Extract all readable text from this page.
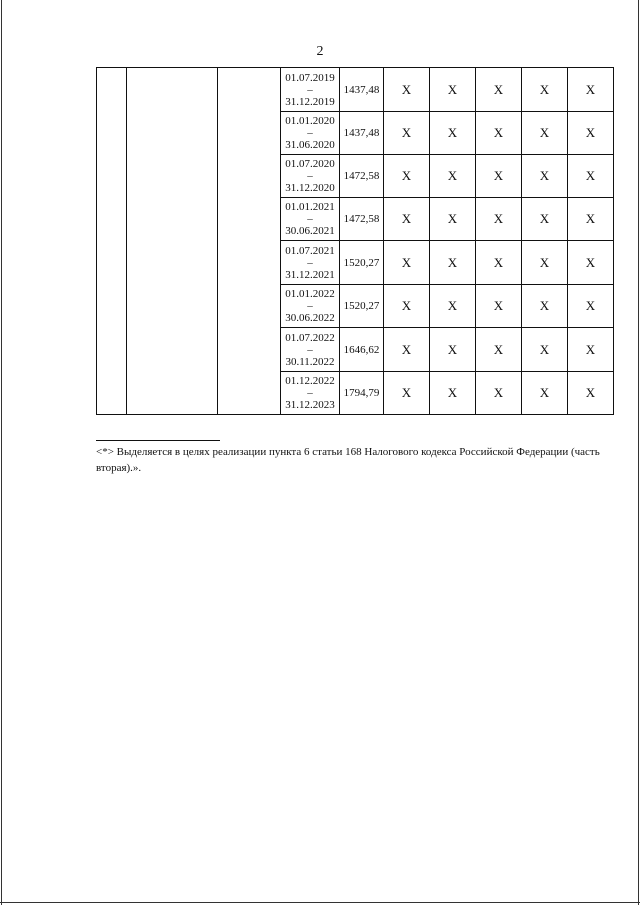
2

			01.07.2019
–
31.12.2019	1437,48	Х	Х	Х	Х	Х

			01.01.2020
–
31.06.2020	1437,48	Х	Х	Х	Х	Х

			01.07.2020
–
31.12.2020	1472,58	Х	Х	Х	Х	Х

			01.01.2021
–
30.06.2021	1472,58	Х	Х	Х	Х	Х

			01.07.2021
–
31.12.2021	1520,27	Х	Х	Х	Х	Х

			01.01.2022
–
30.06.2022	1520,27	Х	Х	Х	Х	Х

			01.07.2022
–
30.11.2022	1646,62	Х	Х	Х	Х	Х

			01.12.2022
–
31.12.2023	1794,79	Х	Х	Х	Х	Х
<*> Выделяется в целях реализации пункта 6 статьи 168 Налогового кодекса Российской Федерации (часть вторая).».
